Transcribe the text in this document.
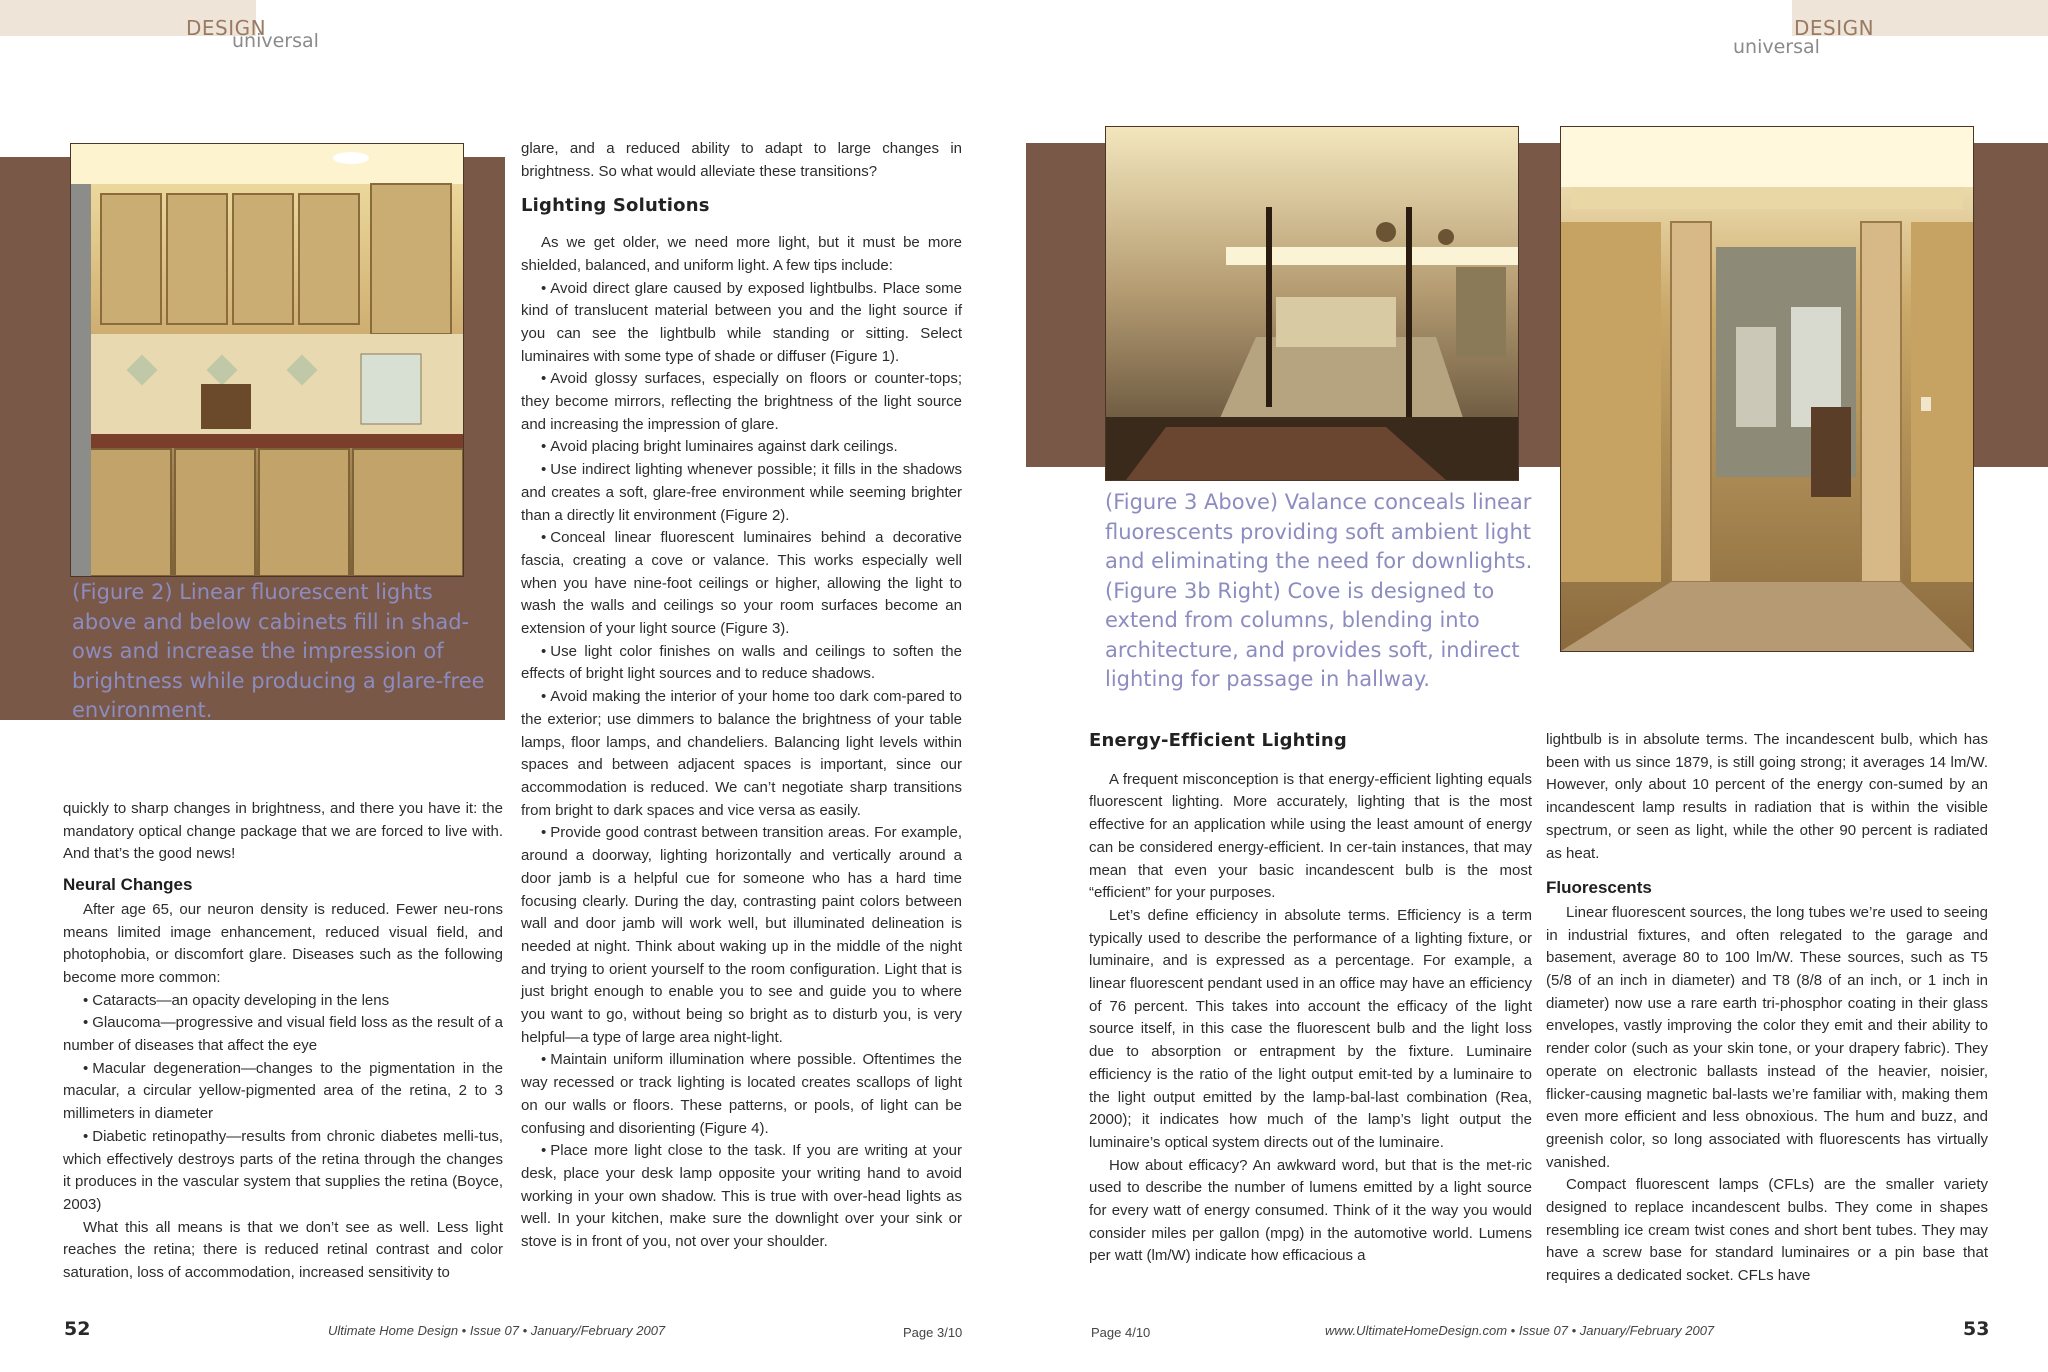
DESIGN
universal
DESIGN
universal

(Figure 2) Linear fluorescent lights above and below cabinets fill in shad-ows and increase the impression of brightness while producing a glare-free environment.

(Figure 3 Above) Valance conceals linear fluorescents providing soft ambient light and eliminating the need for downlights. (Figure 3b Right) Cove is designed to extend from columns, blending into architecture, and provides soft, indirect lighting for passage in hallway.

quickly to sharp changes in brightness, and there you have it: the mandatory optical change package that we are forced to live with. And that’s the good news!

Neural Changes

After age 65, our neuron density is reduced. Fewer neu-rons means limited image enhancement, reduced visual field, and photophobia, or discomfort glare. Diseases such as the following become more common:

• Cataracts—an opacity developing in the lens

• Glaucoma—progressive and visual field loss as the result of a number of diseases that affect the eye

• Macular degeneration—changes to the pigmentation in the macular, a circular yellow-pigmented area of the retina, 2 to 3 millimeters in diameter

• Diabetic retinopathy—results from chronic diabetes melli-tus, which effectively destroys parts of the retina through the changes it produces in the vascular system that supplies the retina (Boyce, 2003)

What this all means is that we don’t see as well. Less light reaches the retina; there is reduced retinal contrast and color saturation, loss of accommodation, increased sensitivity to

glare, and a reduced ability to adapt to large changes in brightness. So what would alleviate these transitions?

Lighting Solutions

As we get older, we need more light, but it must be more shielded, balanced, and uniform light. A few tips include:

• Avoid direct glare caused by exposed lightbulbs. Place some kind of translucent material between you and the light source if you can see the lightbulb while standing or sitting. Select luminaires with some type of shade or diffuser (Figure 1).

• Avoid glossy surfaces, especially on floors or counter-tops; they become mirrors, reflecting the brightness of the light source and increasing the impression of glare.

• Avoid placing bright luminaires against dark ceilings.

• Use indirect lighting whenever possible; it fills in the shadows and creates a soft, glare-free environment while seeming brighter than a directly lit environment (Figure 2).

• Conceal linear fluorescent luminaires behind a decorative fascia, creating a cove or valance. This works especially well when you have nine-foot ceilings or higher, allowing the light to wash the walls and ceilings so your room surfaces become an extension of your light source (Figure 3).

• Use light color finishes on walls and ceilings to soften the effects of bright light sources and to reduce shadows.

• Avoid making the interior of your home too dark com-pared to the exterior; use dimmers to balance the brightness of your table lamps, floor lamps, and chandeliers. Balancing light levels within spaces and between adjacent spaces is important, since our accommodation is reduced. We can’t negotiate sharp transitions from bright to dark spaces and vice versa as easily.

• Provide good contrast between transition areas. For example, around a doorway, lighting horizontally and vertically around a door jamb is a helpful cue for someone who has a hard time focusing clearly. During the day, contrasting paint colors between wall and door jamb will work well, but illuminated delineation is needed at night. Think about waking up in the middle of the night and trying to orient yourself to the room configuration. Light that is just bright enough to enable you to see and guide you to where you want to go, without being so bright as to disturb you, is very helpful—a type of large area night-light.

• Maintain uniform illumination where possible. Oftentimes the way recessed or track lighting is located creates scallops of light on our walls or floors. These patterns, or pools, of light can be confusing and disorienting (Figure 4).

• Place more light close to the task. If you are writing at your desk, place your desk lamp opposite your writing hand to avoid working in your own shadow. This is true with over-head lights as well. In your kitchen, make sure the downlight over your sink or stove is in front of you, not over your shoulder.

Energy-Efficient Lighting

A frequent misconception is that energy-efficient lighting equals fluorescent lighting. More accurately, lighting that is the most effective for an application while using the least amount of energy can be considered energy-efficient. In cer-tain instances, that may mean that even your basic incandescent bulb is the most “efficient” for your purposes.

Let’s define efficiency in absolute terms. Efficiency is a term typically used to describe the performance of a lighting fixture, or luminaire, and is expressed as a percentage. For example, a linear fluorescent pendant used in an office may have an efficiency of 76 percent. This takes into account the efficacy of the light source itself, in this case the fluorescent bulb and the light loss due to absorption or entrapment by the fixture. Luminaire efficiency is the ratio of the light output emit-ted by a luminaire to the light output emitted by the lamp-bal-last combination (Rea, 2000); it indicates how much of the lamp’s light output the luminaire’s optical system directs out of the luminaire.

How about efficacy? An awkward word, but that is the met-ric used to describe the number of lumens emitted by a light source for every watt of energy consumed. Think of it the way you would consider miles per gallon (mpg) in the automotive world. Lumens per watt (lm/W) indicate how efficacious a

lightbulb is in absolute terms. The incandescent bulb, which has been with us since 1879, is still going strong; it averages 14 lm/W. However, only about 10 percent of the energy con-sumed by an incandescent lamp results in radiation that is within the visible spectrum, or seen as light, while the other 90 percent is radiated as heat.

Fluorescents

Linear fluorescent sources, the long tubes we’re used to seeing in industrial fixtures, and often relegated to the garage and basement, average 80 to 100 lm/W. These sources, such as T5 (5/8 of an inch in diameter) and T8 (8/8 of an inch, or 1 inch in diameter) now use a rare earth tri-phosphor coating in their glass envelopes, vastly improving the color they emit and their ability to render color (such as your skin tone, or your drapery fabric). They operate on electronic ballasts instead of the heavier, noisier, flicker-causing magnetic bal-lasts we’re familiar with, making them even more efficient and less obnoxious. The hum and buzz, and greenish color, so long associated with fluorescents has virtually vanished.

Compact fluorescent lamps (CFLs) are the smaller variety designed to replace incandescent bulbs. They come in shapes resembling ice cream twist cones and short bent tubes. They may have a screw base for standard luminaires or a pin base that requires a dedicated socket. CFLs have

52	Ultimate Home Design • Issue 07 • January/February 2007	Page 3/10	Page 4/10	www.UltimateHomeDesign.com • Issue 07 • January/February 2007	53
